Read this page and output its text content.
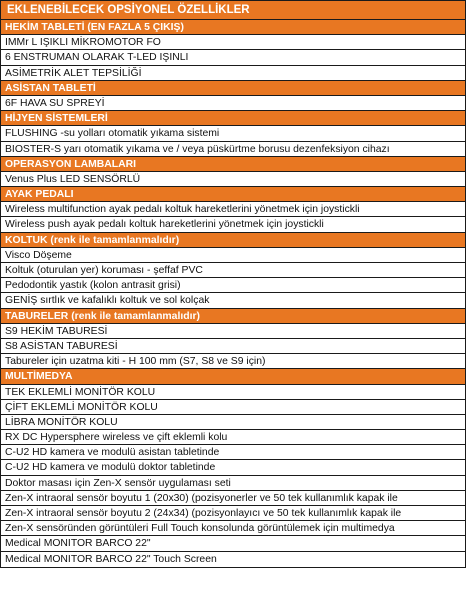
EKLENEBİLECEK OPSİYONEL ÖZELLİKLER
HEKİM TABLETİ (EN FAZLA 5 ÇIKIŞ)
IMMr L IŞIKLI MİKROMOTOR FO
6 ENSTRUMAN OLARAK T-LED IŞINLI
ASİMETRİK ALET TEPSİLİĞİ
ASİSTAN TABLETİ
6F HAVA SU SPREYİ
HİJYEN SİSTEMLERİ
FLUSHING -su yolları otomatik yıkama sistemi
BIOSTER-S yarı otomatik yıkama ve / veya püskürtme borusu dezenfeksiyon cihazı
OPERASYON LAMBALARI
Venus Plus LED SENSÖRLÜ
AYAK PEDALI
Wireless multifunction ayak pedalı koltuk hareketlerini yönetmek için joystickli
Wireless push ayak pedalı koltuk hareketlerini yönetmek için joystickli
KOLTUK (renk ile tamamlanmalıdır)
Visco Döşeme
Koltuk (oturulan yer) koruması - şeffaf PVC
Pedodontik yastık (kolon antrasit grisi)
GENİŞ sırtlık ve kafalıklı koltuk ve sol kolçak
TABURELER (renk ile tamamlanmalıdır)
S9 HEKİM TABURESİ
S8 ASİSTAN TABURESİ
Tabureler için uzatma kiti - H 100 mm (S7, S8 ve S9 için)
MULTİMEDYA
TEK EKLEMLİ MONİTÖR KOLU
ÇİFT EKLEMLİ MONİTÖR KOLU
LİBRA MONİTÖR KOLU
RX DC Hypersphere wireless ve çift eklemli kolu
C-U2 HD kamera ve modulü asistan tabletinde
C-U2 HD kamera ve modulü doktor tabletinde
Doktor masası için Zen-X sensör uygulaması seti
Zen-X intraoral sensör boyutu 1 (20x30) (pozisyonerler ve 50 tek kullanımlık kapak ile
Zen-X intraoral sensör boyutu 2 (24x34) (pozisyonlayıcı ve 50 tek kullanımlık kapak ile
Zen-X sensöründen görüntüleri Full Touch konsolunda görüntülemek için multimedya
Medical MONITOR BARCO 22"
Medical MONITOR BARCO 22" Touch Screen
